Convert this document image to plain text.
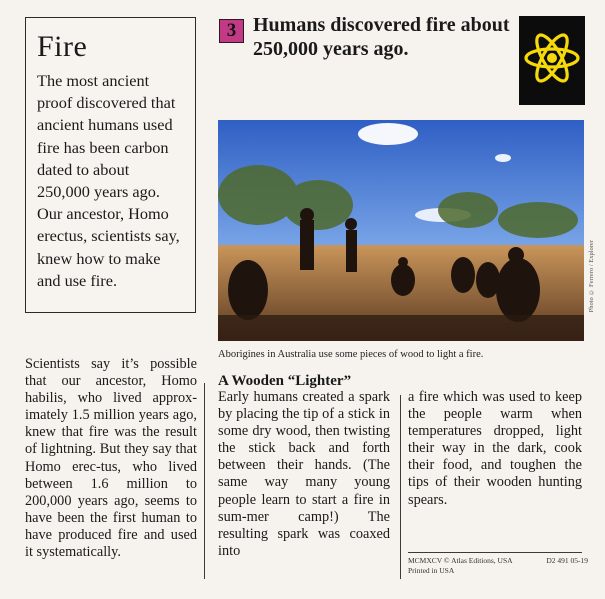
Fire

The most ancient proof discovered that ancient humans used fire has been carbon dated to about 250,000 years ago. Our ancestor, Homo erectus, scientists say, knew how to make and use fire.

3 Humans discovered fire about 250,000 years ago.
Photo © Ferrero / Explorer

Aborigines in Australia use some pieces of wood to light a fire.

Scientists say it’s possible that our ancestor, Homo habilis, who lived approx-imately 1.5 million years ago, knew that fire was the result of lightning. But they say that Homo erec-tus, who lived between 1.6 million to 200,000 years ago, seems to have been the first human to have produced fire and used it systematically.

A Wooden “Lighter”

Early humans created a spark by placing the tip of a stick in some dry wood, then twisting the stick back and forth between their hands. (The same way many young people learn to start a fire in sum-mer camp!) The resulting spark was coaxed into

a fire which was used to keep the people warm when temperatures dropped, light their way in the dark, cook their food, and toughen the tips of their wooden hunting spears.

MCMXCV © Atlas Editions, USA
Printed in USA
D2 491 05-19
